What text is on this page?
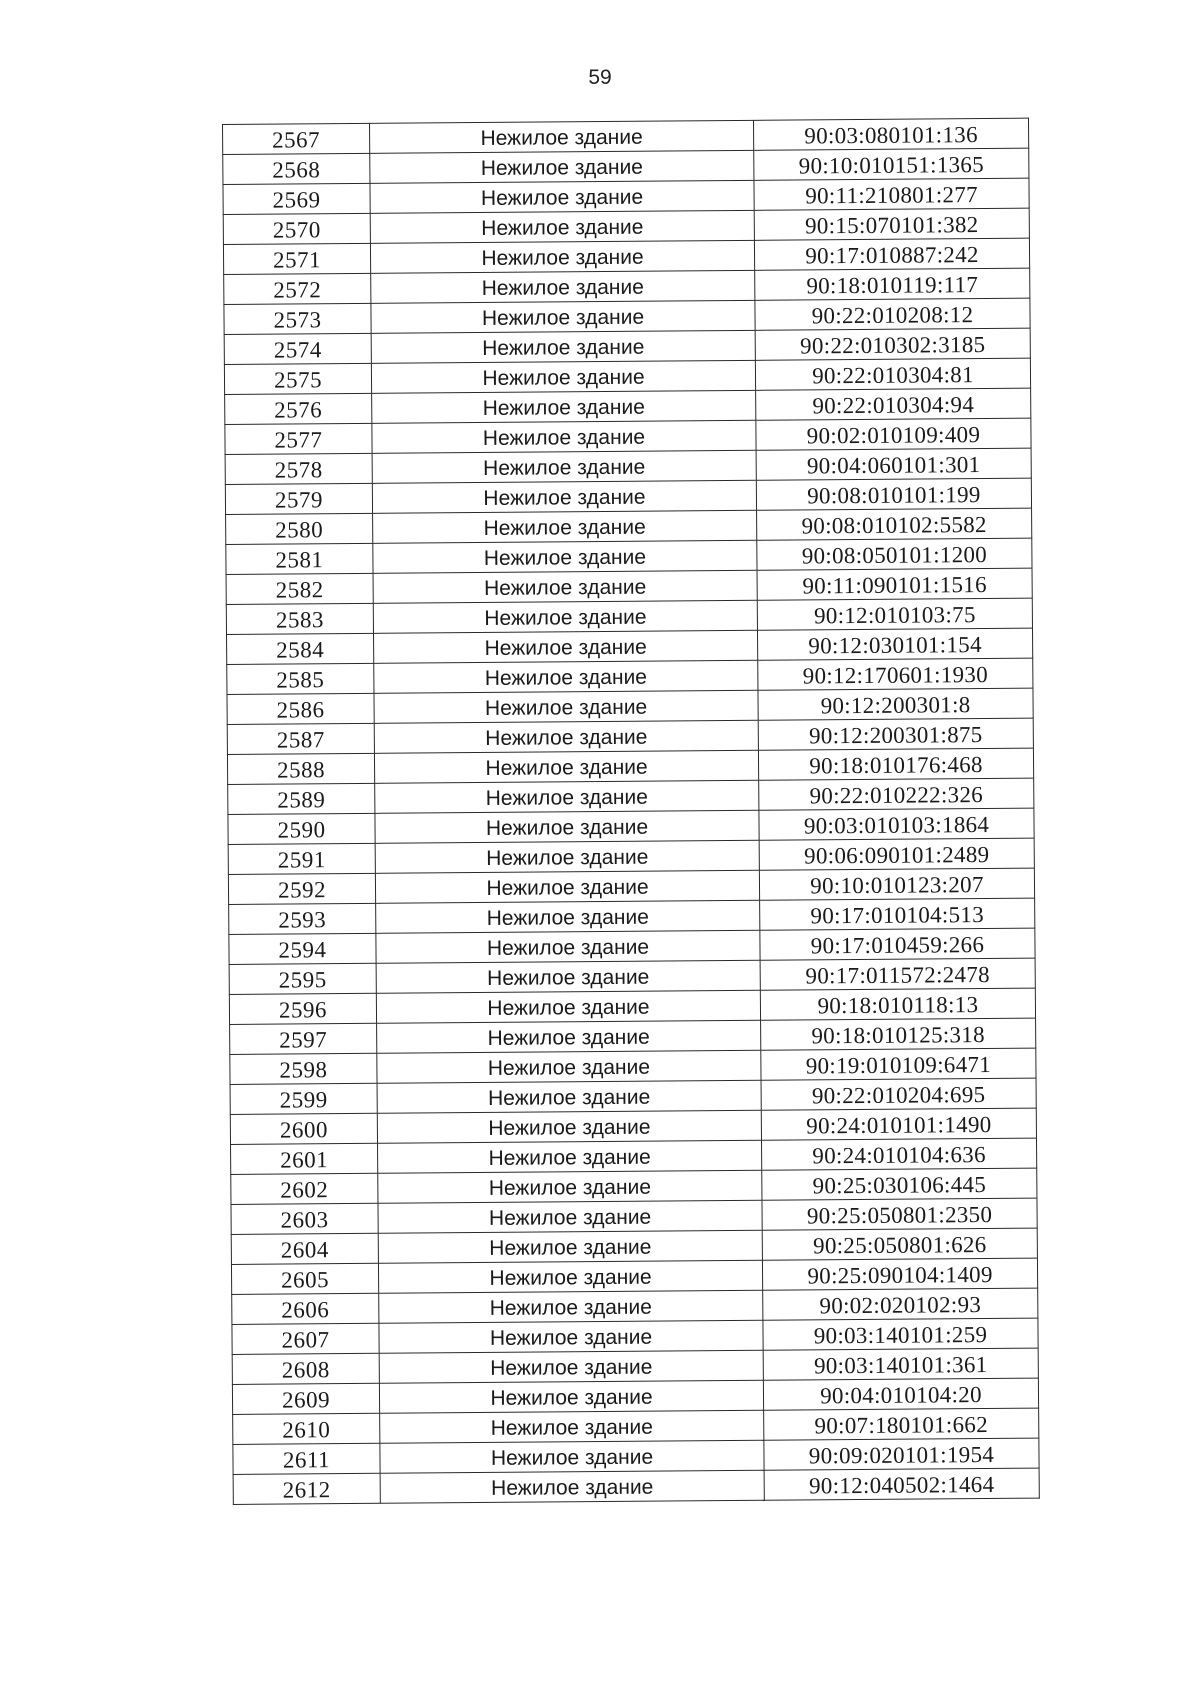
59
2567	Нежилое здание	90:03:080101:136
2568	Нежилое здание	90:10:010151:1365
2569	Нежилое здание	90:11:210801:277
2570	Нежилое здание	90:15:070101:382
2571	Нежилое здание	90:17:010887:242
2572	Нежилое здание	90:18:010119:117
2573	Нежилое здание	90:22:010208:12
2574	Нежилое здание	90:22:010302:3185
2575	Нежилое здание	90:22:010304:81
2576	Нежилое здание	90:22:010304:94
2577	Нежилое здание	90:02:010109:409
2578	Нежилое здание	90:04:060101:301
2579	Нежилое здание	90:08:010101:199
2580	Нежилое здание	90:08:010102:5582
2581	Нежилое здание	90:08:050101:1200
2582	Нежилое здание	90:11:090101:1516
2583	Нежилое здание	90:12:010103:75
2584	Нежилое здание	90:12:030101:154
2585	Нежилое здание	90:12:170601:1930
2586	Нежилое здание	90:12:200301:8
2587	Нежилое здание	90:12:200301:875
2588	Нежилое здание	90:18:010176:468
2589	Нежилое здание	90:22:010222:326
2590	Нежилое здание	90:03:010103:1864
2591	Нежилое здание	90:06:090101:2489
2592	Нежилое здание	90:10:010123:207
2593	Нежилое здание	90:17:010104:513
2594	Нежилое здание	90:17:010459:266
2595	Нежилое здание	90:17:011572:2478
2596	Нежилое здание	90:18:010118:13
2597	Нежилое здание	90:18:010125:318
2598	Нежилое здание	90:19:010109:6471
2599	Нежилое здание	90:22:010204:695
2600	Нежилое здание	90:24:010101:1490
2601	Нежилое здание	90:24:010104:636
2602	Нежилое здание	90:25:030106:445
2603	Нежилое здание	90:25:050801:2350
2604	Нежилое здание	90:25:050801:626
2605	Нежилое здание	90:25:090104:1409
2606	Нежилое здание	90:02:020102:93
2607	Нежилое здание	90:03:140101:259
2608	Нежилое здание	90:03:140101:361
2609	Нежилое здание	90:04:010104:20
2610	Нежилое здание	90:07:180101:662
2611	Нежилое здание	90:09:020101:1954
2612	Нежилое здание	90:12:040502:1464
